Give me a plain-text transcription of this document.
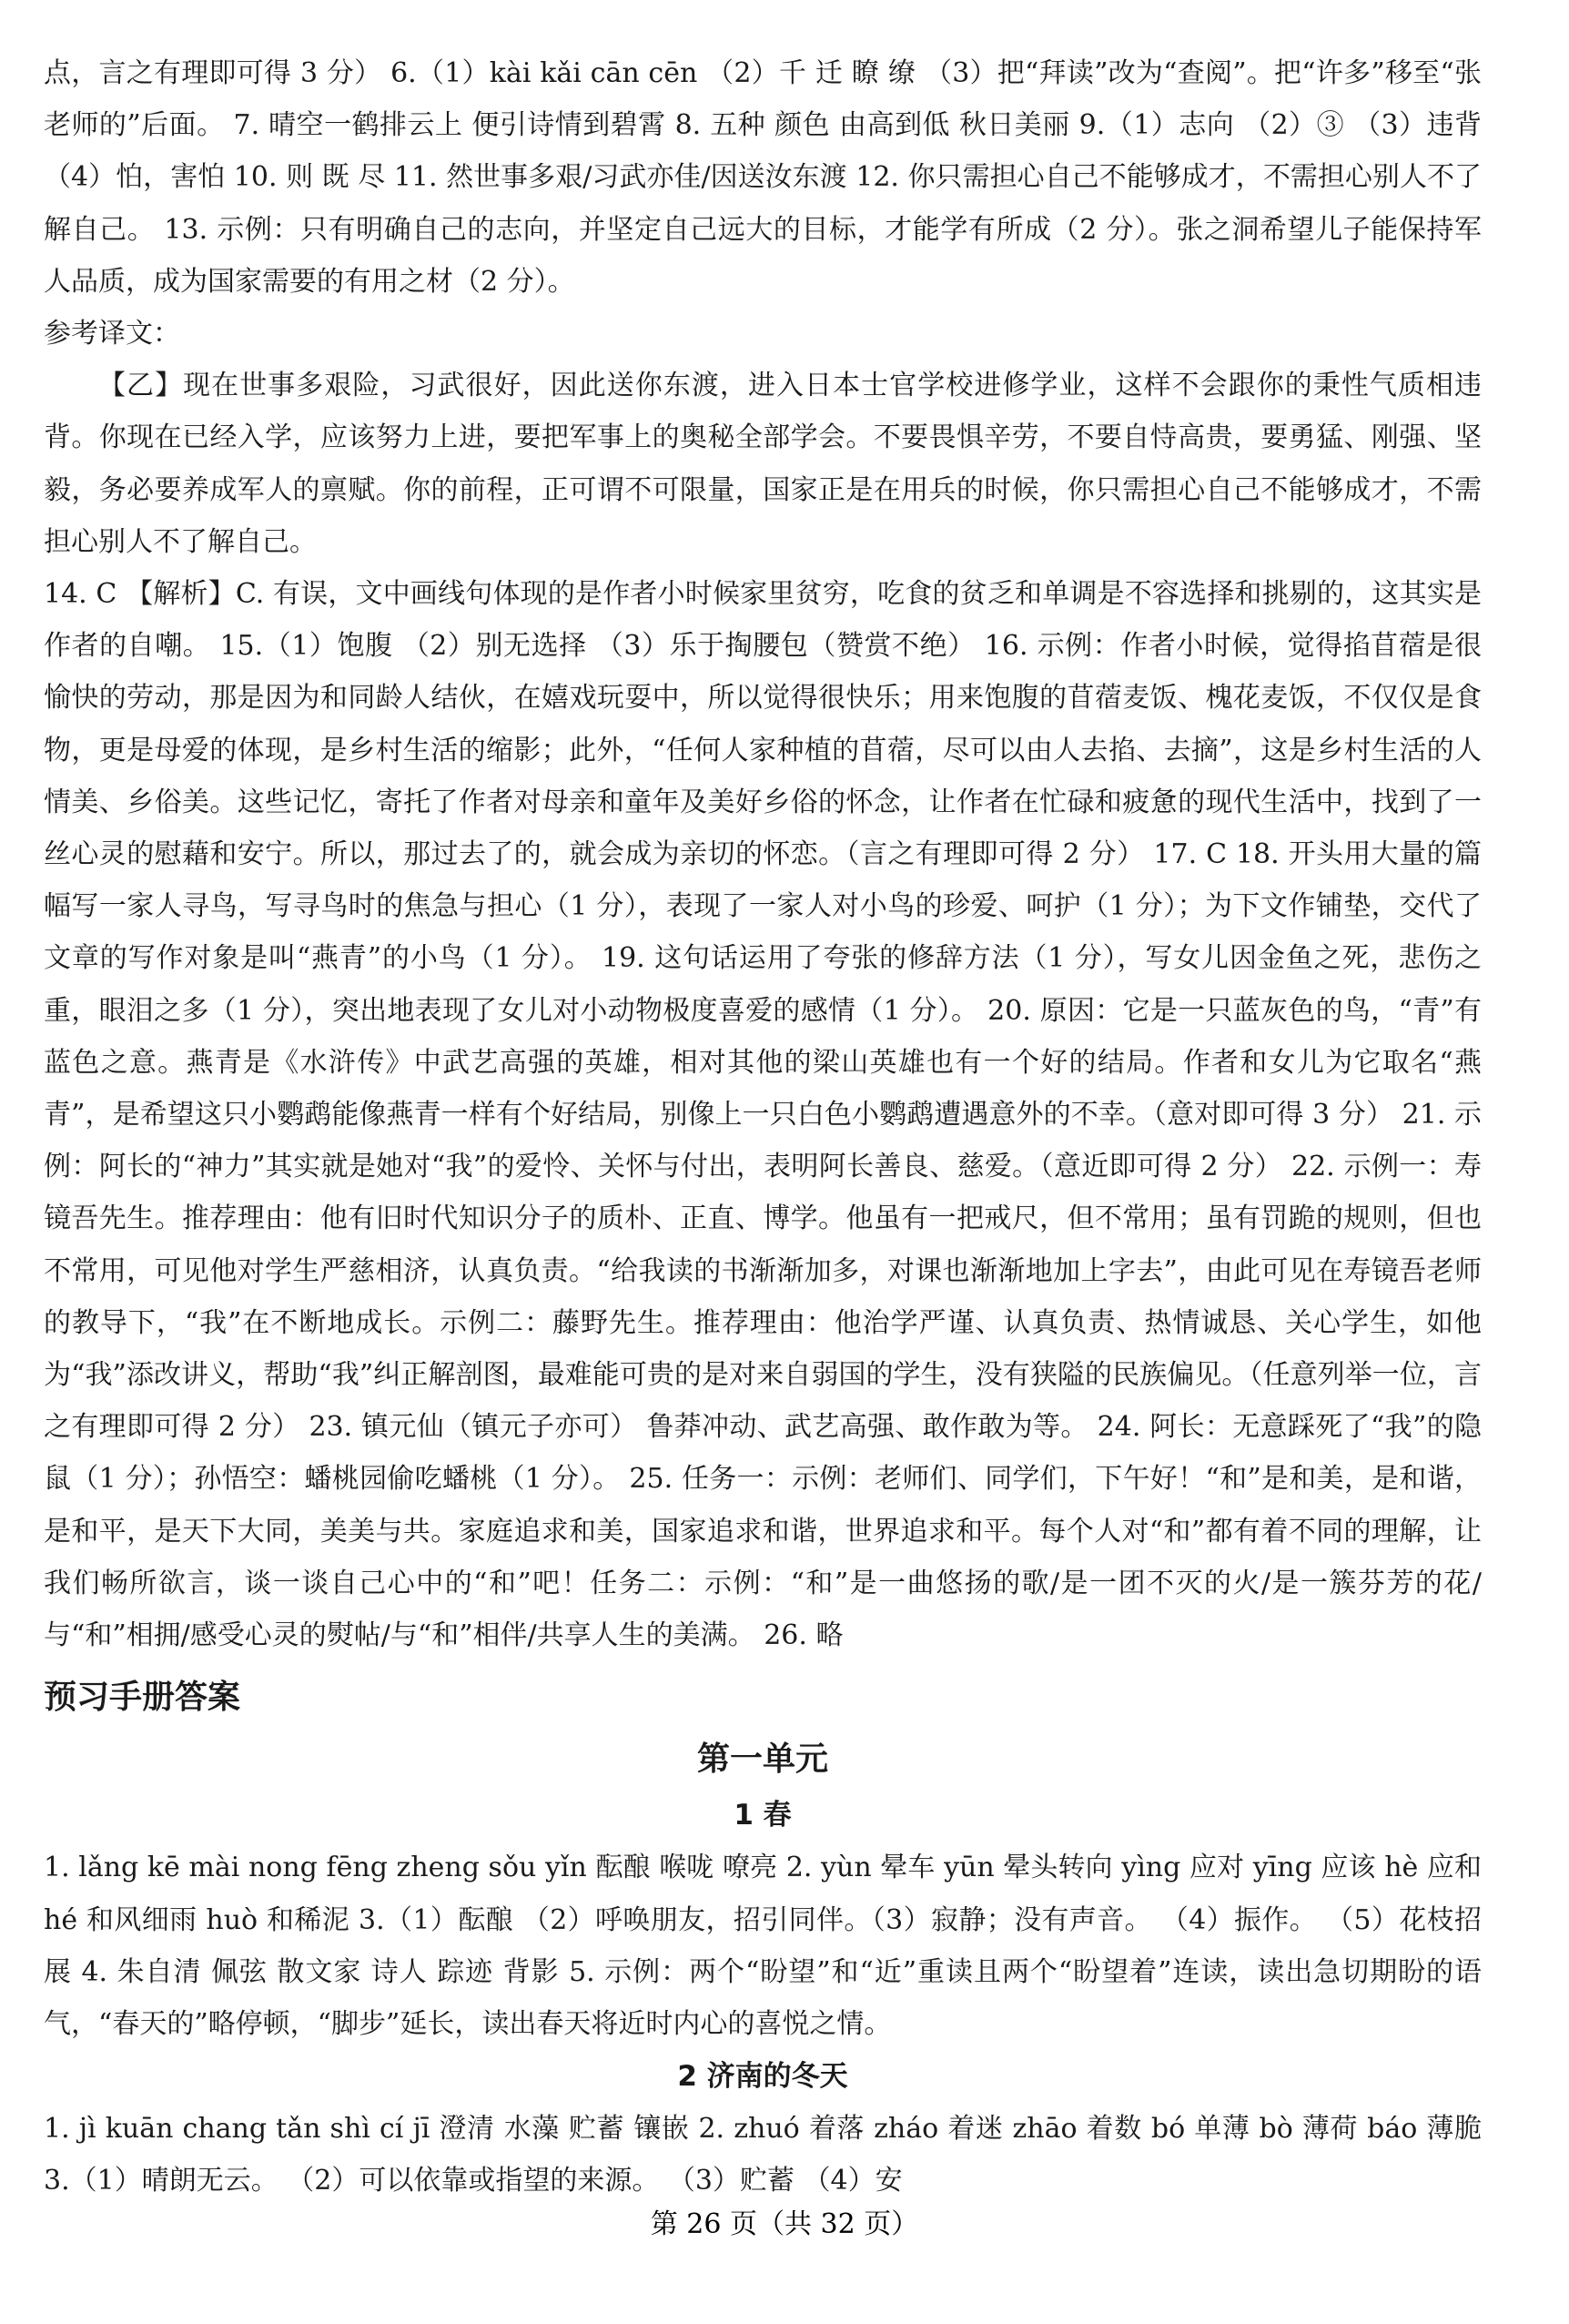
点，言之有理即可得 3 分） 6.（1）kài kǎi cān cēn （2）千 迁 瞭 缭 （3）把“拜读”改为“查阅”。把“许多”移至“张老师的”后面。 7. 晴空一鹤排云上 便引诗情到碧霄 8. 五种 颜色 由高到低 秋日美丽 9.（1）志向 （2）③ （3）违背 （4）怕，害怕 10. 则 既 尽 11. 然世事多艰/习武亦佳/因送汝东渡 12. 你只需担心自己不能够成才，不需担心别人不了解自己。 13. 示例：只有明确自己的志向，并坚定自己远大的目标，才能学有所成（2 分）。张之洞希望儿子能保持军人品质，成为国家需要的有用之材（2 分）。

参考译文：

【乙】现在世事多艰险，习武很好，因此送你东渡，进入日本士官学校进修学业，这样不会跟你的秉性气质相违背。你现在已经入学，应该努力上进，要把军事上的奥秘全部学会。不要畏惧辛劳，不要自恃高贵，要勇猛、刚强、坚毅，务必要养成军人的禀赋。你的前程，正可谓不可限量，国家正是在用兵的时候，你只需担心自己不能够成才，不需担心别人不了解自己。

14. C 【解析】C. 有误，文中画线句体现的是作者小时候家里贫穷，吃食的贫乏和单调是不容选择和挑剔的，这其实是作者的自嘲。 15.（1）饱腹 （2）别无选择 （3）乐于掏腰包（赞赏不绝） 16. 示例：作者小时候，觉得掐苜蓿是很愉快的劳动，那是因为和同龄人结伙，在嬉戏玩耍中，所以觉得很快乐；用来饱腹的苜蓿麦饭、槐花麦饭，不仅仅是食物，更是母爱的体现，是乡村生活的缩影；此外，“任何人家种植的苜蓿，尽可以由人去掐、去摘”，这是乡村生活的人情美、乡俗美。这些记忆，寄托了作者对母亲和童年及美好乡俗的怀念，让作者在忙碌和疲惫的现代生活中，找到了一丝心灵的慰藉和安宁。所以，那过去了的，就会成为亲切的怀恋。（言之有理即可得 2 分） 17. C 18. 开头用大量的篇幅写一家人寻鸟，写寻鸟时的焦急与担心（1 分），表现了一家人对小鸟的珍爱、呵护（1 分）；为下文作铺垫，交代了文章的写作对象是叫“燕青”的小鸟（1 分）。 19. 这句话运用了夸张的修辞方法（1 分），写女儿因金鱼之死，悲伤之重，眼泪之多（1 分），突出地表现了女儿对小动物极度喜爱的感情（1 分）。 20. 原因：它是一只蓝灰色的鸟，“青”有蓝色之意。燕青是《水浒传》中武艺高强的英雄，相对其他的梁山英雄也有一个好的结局。作者和女儿为它取名“燕青”，是希望这只小鹦鹉能像燕青一样有个好结局，别像上一只白色小鹦鹉遭遇意外的不幸。（意对即可得 3 分） 21. 示例：阿长的“神力”其实就是她对“我”的爱怜、关怀与付出，表明阿长善良、慈爱。（意近即可得 2 分） 22. 示例一：寿镜吾先生。推荐理由：他有旧时代知识分子的质朴、正直、博学。他虽有一把戒尺，但不常用；虽有罚跪的规则，但也不常用，可见他对学生严慈相济，认真负责。“给我读的书渐渐加多，对课也渐渐地加上字去”，由此可见在寿镜吾老师的教导下，“我”在不断地成长。示例二：藤野先生。推荐理由：他治学严谨、认真负责、热情诚恳、关心学生，如他为“我”添改讲义，帮助“我”纠正解剖图，最难能可贵的是对来自弱国的学生，没有狭隘的民族偏见。（任意列举一位，言之有理即可得 2 分） 23. 镇元仙（镇元子亦可） 鲁莽冲动、武艺高强、敢作敢为等。 24. 阿长：无意踩死了“我”的隐鼠（1 分）；孙悟空：蟠桃园偷吃蟠桃（1 分）。 25. 任务一：示例：老师们、同学们，下午好！“和”是和美，是和谐，是和平，是天下大同，美美与共。家庭追求和美，国家追求和谐，世界追求和平。每个人对“和”都有着不同的理解，让我们畅所欲言，谈一谈自己心中的“和”吧！任务二：示例：“和”是一曲悠扬的歌/是一团不灭的火/是一簇芬芳的花/与“和”相拥/感受心灵的熨帖/与“和”相伴/共享人生的美满。 26. 略

预习手册答案
第一单元
1 春

1. lǎng kē mài nong fēng zheng sǒu yǐn 酝酿 喉咙 嘹亮 2. yùn 晕车 yūn 晕头转向 yìng 应对 yīng 应该 hè 应和 hé 和风细雨 huò 和稀泥 3.（1）酝酿 （2）呼唤朋友，招引同伴。（3）寂静；没有声音。 （4）振作。 （5）花枝招展 4. 朱自清 佩弦 散文家 诗人 踪迹 背影 5. 示例：两个“盼望”和“近”重读且两个“盼望着”连读，读出急切期盼的语气，“春天的”略停顿，“脚步”延长，读出春天将近时内心的喜悦之情。

2 济南的冬天

1. jì kuān chang tǎn shì cí jī 澄清 水藻 贮蓄 镶嵌 2. zhuó 着落 zháo 着迷 zhāo 着数 bó 单薄 bò 薄荷 báo 薄脆 3.（1）晴朗无云。 （2）可以依靠或指望的来源。 （3）贮蓄 （4）安

第 26 页（共 32 页）
